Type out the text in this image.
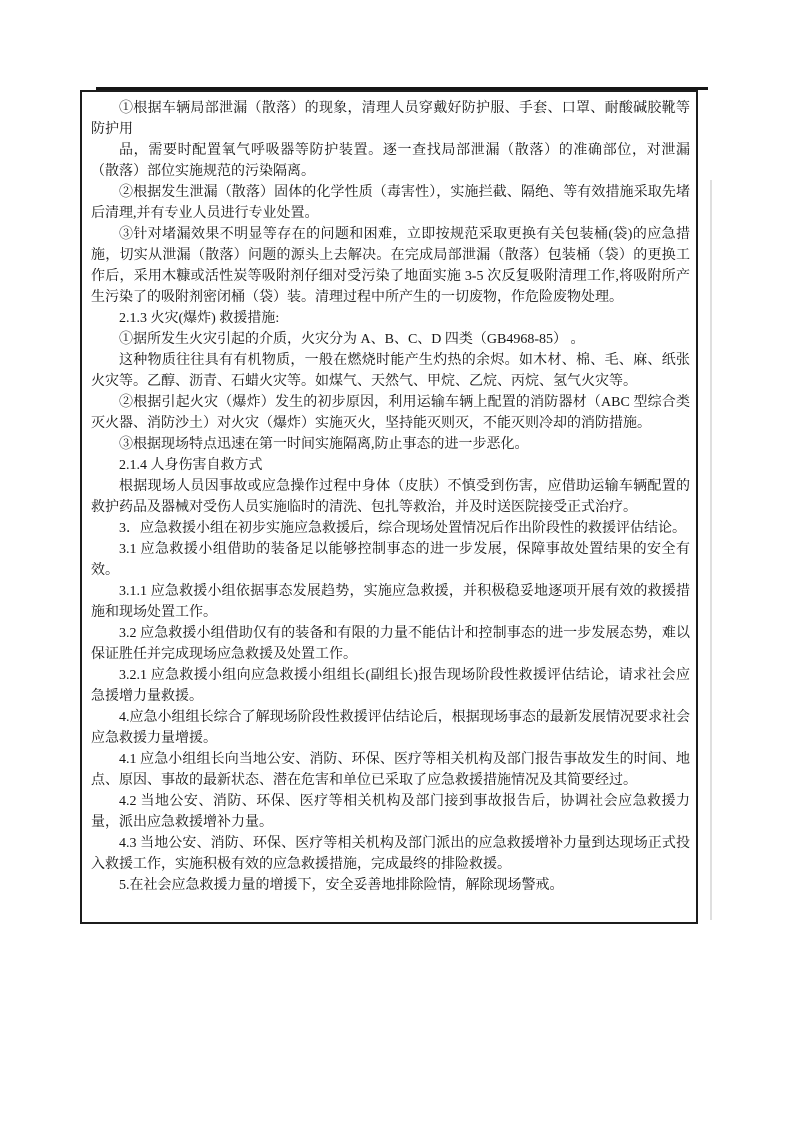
①根据车辆局部泄漏（散落）的现象，清理人员穿戴好防护服、手套、口罩、耐酸碱胶靴等防护用

品，需要时配置氧气呼吸器等防护装置。逐一查找局部泄漏（散落）的准确部位，对泄漏（散落）部位实施规范的污染隔离。

②根据发生泄漏（散落）固体的化学性质（毒害性），实施拦截、隔绝、等有效措施采取先堵后清理,并有专业人员进行专业处置。

③针对堵漏效果不明显等存在的问题和困难，立即按规范采取更换有关包装桶(袋)的应急措施，切实从泄漏（散落）问题的源头上去解决。在完成局部泄漏（散落）包装桶（袋）的更换工作后，采用木糠或活性炭等吸附剂仔细对受污染了地面实施 3-5 次反复吸附清理工作,将吸附所产生污染了的吸附剂密闭桶（袋）装。清理过程中所产生的一切废物，作危险废物处理。

2.1.3 火灾(爆炸) 救援措施:

①据所发生火灾引起的介质，火灾分为 A、B、C、D 四类（GB4968-85） 。

这种物质往往具有有机物质，一般在燃烧时能产生灼热的余烬。如木材、棉、毛、麻、纸张火灾等。乙醇、沥青、石蜡火灾等。如煤气、天然气、甲烷、乙烷、丙烷、氢气火灾等。

②根据引起火灾（爆炸）发生的初步原因，利用运输车辆上配置的消防器材（ABC 型综合类灭火器、消防沙土）对火灾（爆炸）实施灭火，坚持能灭则灭，不能灭则冷却的消防措施。

③根据现场特点迅速在第一时间实施隔离,防止事态的进一步恶化。

2.1.4 人身伤害自救方式

根据现场人员因事故或应急操作过程中身体（皮肤）不慎受到伤害，应借助运输车辆配置的救护药品及器械对受伤人员实施临时的清洗、包扎等救治，并及时送医院接受正式治疗。

3．应急救援小组在初步实施应急救援后，综合现场处置情况后作出阶段性的救援评估结论。

3.1 应急救援小组借助的装备足以能够控制事态的进一步发展，保障事故处置结果的安全有效。

3.1.1 应急救援小组依据事态发展趋势，实施应急救援，并积极稳妥地逐项开展有效的救援措施和现场处置工作。

3.2 应急救援小组借助仅有的装备和有限的力量不能估计和控制事态的进一步发展态势，难以保证胜任并完成现场应急救援及处置工作。

3.2.1 应急救援小组向应急救援小组组长(副组长)报告现场阶段性救援评估结论，请求社会应急援增力量救援。

4.应急小组组长综合了解现场阶段性救援评估结论后，根据现场事态的最新发展情况要求社会应急救援力量增援。

4.1 应急小组组长向当地公安、消防、环保、医疗等相关机构及部门报告事故发生的时间、地点、原因、事故的最新状态、潜在危害和单位已采取了应急救援措施情况及其简要经过。

4.2 当地公安、消防、环保、医疗等相关机构及部门接到事故报告后，协调社会应急救援力量，派出应急救援增补力量。

4.3 当地公安、消防、环保、医疗等相关机构及部门派出的应急救援增补力量到达现场正式投入救援工作，实施积极有效的应急救援措施，完成最终的排险救援。

5.在社会应急救援力量的增援下，安全妥善地排除险情，解除现场警戒。
